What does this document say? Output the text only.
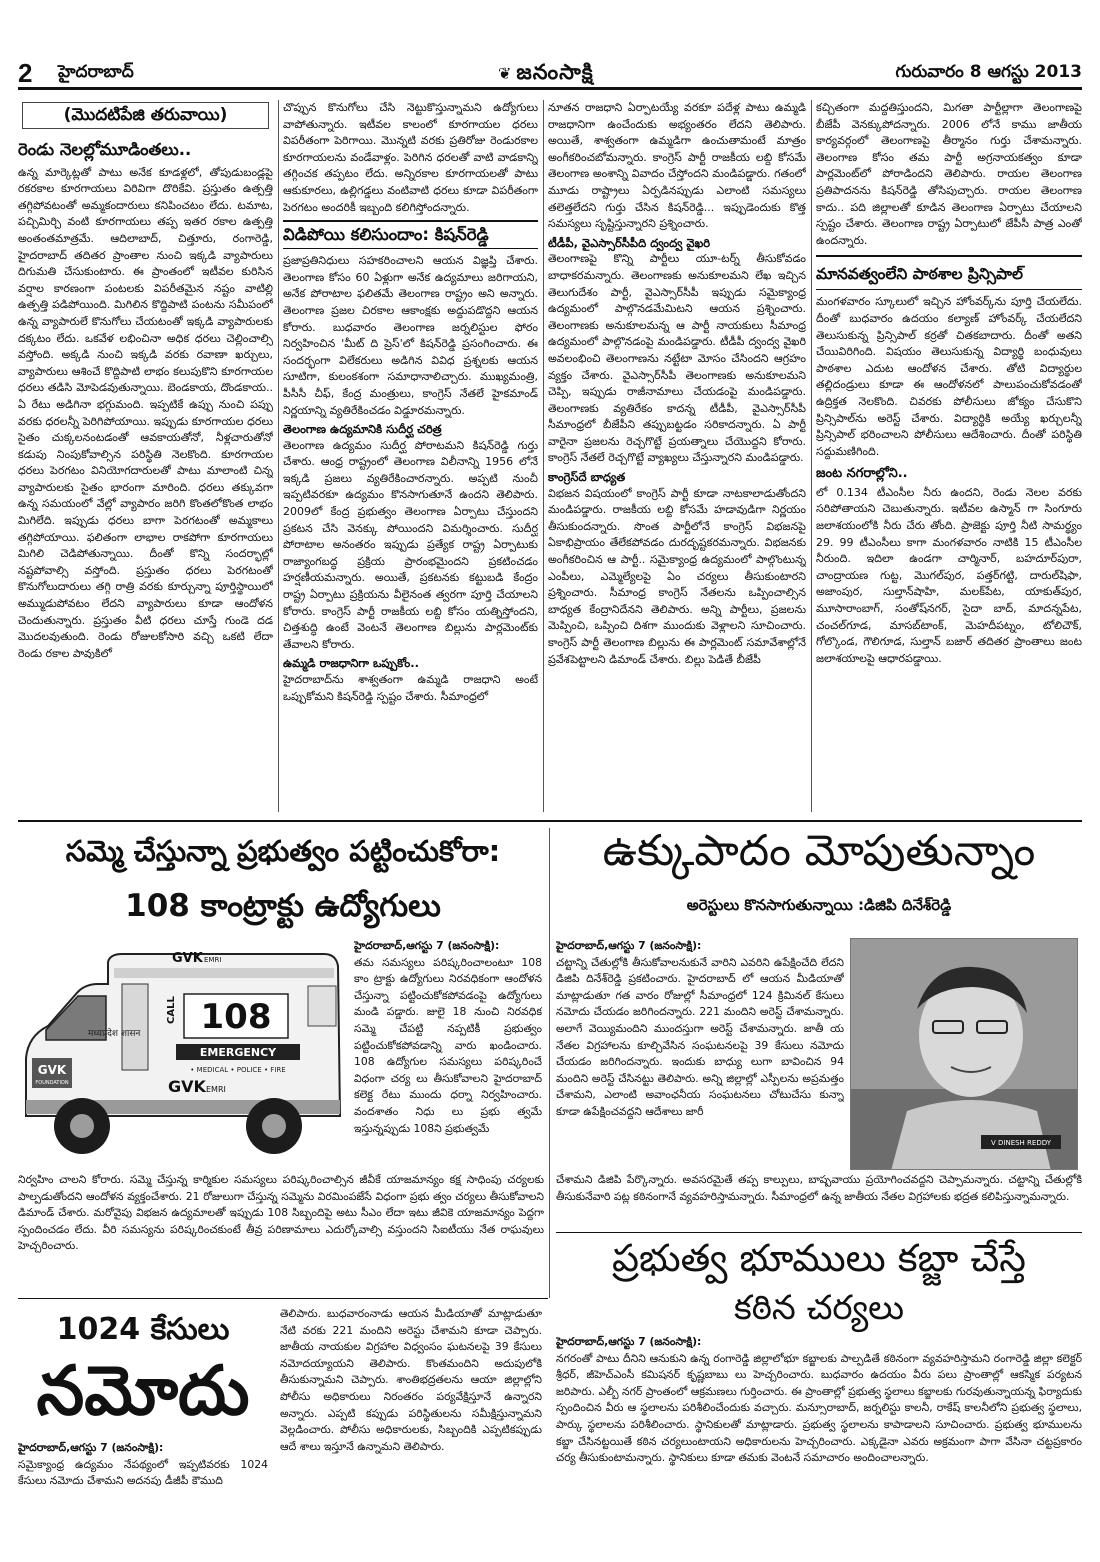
2 హైదరాబాద్	❦ జనంసాక్షి	గురువారం 8 ఆగస్టు 2013
(మొదటిపేజి తరువాయి)
రెండు నెలల్లోమూడింతలు..

ఉన్న మార్కెట్లతో పాటు అనేక కూడళ్లలో, తోపుడుబండ్లపై రకరకాల కూరగాయలు విరివిగా దొరికేవి. ప్రస్తుతం ఉత్పత్తి తగ్గిపోవటంతో అమ్మకందారులు కనిపించటం లేదు. టమాట, పచ్చిమిర్చి వంటి కూరగాయలు తప్ప ఇతర రకాల ఉత్పత్తి అంతంతమాత్రమే. ఆదిలాబాద్, చిత్తూరు, రంగారెడ్డి, హైదరాబాద్ తదితర ప్రాంతాల నుంచి ఇక్కడి వ్యాపారులు దిగుమతి చేసుకుంటారు. ఈ ప్రాంతంలో ఇటీవల కురిసిన వర్షాల కారణంగా పంటలకు విపరీతమైన నష్టం వాటిల్లి ఉత్పత్తి పడిపోయింది. మిగిలిన కొద్దిపాటి పంటను సమీపంలో ఉన్న వ్యాపారులే కొనుగోలు చేయటంతో ఇక్కడి వ్యాపారులకు దక్కటం లేదు. ఒకవేళ లభించినా అధిక ధరలు చెల్లించాల్సి వస్తోంది. అక్కడి నుంచి ఇక్కడి వరకు రవాణా ఖర్చులు, వ్యాపారులు ఆశించే కొద్దిపాటి లాభం కలుపుకొని కూరగాయల ధరలు తడిసి మోపెడవుతున్నాయి. బెండకాయ, దొండకాయ.. ఏ రేటు అడిగినా భగ్గుమంది. ఇప్పటికే ఉప్పు నుంచి పప్పు వరకు ధరలన్నీ పెరిగిపోయాయి. ఇప్పుడు కూరగాయల ధరలు సైతం చుక్కలనంటడంతో ఆవకాయతోనో, నీళ్లచారుతోనో కడుపు నింపుకోవాల్సిన పరిస్థితి నెలకొంది. కూరగాయల ధరలు పెరగటం వినియోగదారులతో పాటు మాలాంటి చిన్న వ్యాపారులకు సైతం భారంగా మారింది. ధరలు తక్కువగా ఉన్న సమయంలో వేల్లో వ్యాపారం జరిగి కొంతలోకొంత లాభం మిగిలేది. ఇప్పుడు ధరలు బాగా పెరగటంతో అమ్మకాలు తగ్గిపోయాయి. ఫలితంగా లాభాల రాకపోగా కూరగాయలు మిగిలి చెడిపోతున్నాయి. దీంతో కొన్ని సందర్భాల్లో నష్టపోవాల్సి వస్తోంది. ప్రస్తుతం ధరలు పెరగటంతో కొనుగోలుదారులు తగ్గి రాత్రి వరకు కూర్చున్నా పూర్తిస్థాయిలో అమ్ముడుపోవటం లేదని వ్యాపారులు కూడా ఆందోళన చెందుతున్నారు. ప్రస్తుతం వీటి ధరలు చూస్తే గుండె దడ మొదలవుతుంది. రెండు రోజులకోసారి వచ్చి ఒకటి లేదా రెండు రకాల పావుకిలో

చొప్పున కొనుగోలు చేసి నెట్టుకొస్తున్నామని ఉద్యోగులు వాపోతున్నారు. ఇటీవల కాలంలో కూరగాయల ధరలు విపరీతంగా పెరిగాయి. మొన్నటి వరకు ప్రతిరోజు రెండురకాల కూరగాయలను వండేవాళ్లం. పెరిగిన ధరలతో వాటి వాడకాన్ని తగ్గించక తప్పటం లేదు. అన్నిరకాల కూరగాయలతో పాటు ఆకుకూరలు, ఉల్లిగడ్డలు వంటివాటి ధరలు కూడా విపరీతంగా పెరగటం అందరికీ ఇబ్బంది కలిగిస్తోందన్నారు.

విడిపోయి కలిసుందాం: కిషన్‌రెడ్డి

ప్రజాప్రతినిధులు సహకరించాలని ఆయన విజ్ఞప్తి చేశారు. తెలంగాణ కోసం 60 ఏళ్లుగా అనేక ఉద్యమాలు జరిగాయని, అనేక పోరాటాల ఫలితమే తెలంగాణ రాష్ట్రం అని అన్నారు. తెలంగాణ ప్రజల చిరకాల ఆకాంక్షకు అద్దుపడొద్దని ఆయన కోరారు. బుధవారం తెలంగాణ జర్నలిస్టుల ఫోరం నిర్వహించిన 'మీట్ ది ప్రెస్'లో కిషన్‌రెడ్డి ప్రసంగించారు. ఈ సందర్భంగా విలేకరులు అడిగిన వివిధ ప్రశ్నలకు ఆయన సూటిగా, కులంకశంగా సమాధానాలిచ్చారు. ముఖ్యమంత్రి, పీసీసీ చీఫ్, కేంద్ర మంత్రులు, కాంగ్రెస్ నేతలే హైకమాండ్ నిర్ణయాన్ని వ్యతిరేకించడం విడ్డూరమన్నారు.

తెలంగాణ ఉద్యమానికి సుదీర్ఘ చరిత్ర

తెలంగాణ ఉద్యమం సుదీర్ఘ పోరాటమని కిషన్‌రెడ్డి గుర్తు చేశారు. ఆంధ్ర రాష్ట్రంలో తెలంగాణ విలీనాన్ని 1956 లోనే ఇక్కడి ప్రజలు వ్యతిరేకించారన్నారు. అప్పటి నుంచీ ఇప్పటివరకూ ఉద్యమం కొనసాగుతూనే ఉందని తెలిపారు. 2009లో కేంద్ర ప్రభుత్వం తెలంగాణ ఏర్పాటు చేస్తుందని ప్రకటన చేసి వెనక్కు పోయిందని విమర్శించారు. సుదీర్ఘ పోరాటాల అనంతరం ఇప్పుడు ప్రత్యేక రాష్ట్ర ఏర్పాటుకు రాజ్యాంగబద్ధ ప్రక్రియ ప్రారంభమైందని ప్రకటించడం హర్షణీయమన్నారు. అయితే, ప్రకటనకు కట్టుబడి కేంద్రం రాష్ట్ర ఏర్పాటు ప్రక్రియను వీలైనంత త్వరగా పూర్తి చేయాలని కోరారు. కాంగ్రెస్ పార్టీ రాజకీయ లబ్ది కోసం యత్నిస్తోందని, చిత్తశుద్ధి ఉంటే వెంటనే తెలంగాణ బిల్లును పార్లమెంట్‌కు తేవాలని కోరారు.

ఉమ్మడి రాజధానిగా ఒప్పుకోం..

హైదరాబాద్‌ను శాశ్వతంగా ఉమ్మడి రాజధాని అంటే ఒప్పుకోమని కిషన్‌రెడ్డి స్పష్టం చేశారు. సీమాంధ్రలో

నూతన రాజధాని ఏర్పాటయ్యే వరకూ పదేళ్ల పాటు ఉమ్మడి రాజధానిగా ఉంచేందుకు అభ్యంతరం లేదని తెలిపారు. అయితే, శాశ్వతంగా ఉమ్మడిగా ఉంచుతామంటే మాత్రం అంగీకరించబోమన్నారు. కాంగ్రెస్ పార్టీ రాజకీయ లబ్ది కోసమే తెలంగాణ అంశాన్ని వివాదం చేస్తోందని మండిపడ్డారు. గతంలో మూడు రాష్ట్రాలు ఏర్పడినప్పుడు ఎలాంటి సమస్యలు తలెత్తలేదని గుర్తు చేసిన కిషన్‌రెడ్డి... ఇప్పుడెందుకు కొత్త సమస్యలు సృష్టిస్తున్నారని ప్రశ్నించారు.

టీడీపీ, వైఎస్సార్‌సీపీది ద్వంద్వ వైఖరి

తెలంగాణపై కొన్ని పార్టీలు యూ-టర్న్ తీసుకోవడం బాధాకరమన్నారు. తెలంగాణకు అనుకూలమని లేఖ ఇచ్చిన తెలుగుదేశం పార్టీ, వైఎస్సార్‌సీపీ ఇప్పుడు సమైక్యాంధ్ర ఉద్యమంలో పాల్గొనడమేమిటని ఆయన ప్రశ్నించారు. తెలంగాణకు అనుకూలమన్న ఆ పార్టీ నాయకులు సీమాంధ్ర ఉద్యమంలో పాల్గొనడంపై మండిపడ్డారు. టీడీపీ ద్వంద్వ వైఖరి అవలంభించి తెలంగాణను నట్టేటా మోసం చేసిందని ఆగ్రహం వ్యక్తం చేశారు. వైఎస్సార్‌సీపీ తెలంగాణకు అనుకూలమని చెప్పి, ఇప్పుడు రాజీనామాలు చేయడంపై మండిపడ్డారు. తెలంగాణకు వ్యతిరేకం కాదన్న టీడీపీ, వైఎస్సార్‌సీపీ సీమాంధ్రలో బీజేపీని తప్పుబట్టడం సరికాదన్నారు. ఏ పార్టీ వారైనా ప్రజలను రెచ్చగొట్టే ప్రయత్నాలు చేయొద్దని కోరారు. కాంగ్రెస్ నేతలే రెచ్చగొట్టే వ్యాఖ్యలు చేస్తున్నారని మండిపడ్డారు.

కాంగ్రెస్‌దే బాధ్యత

విభజన విషయంలో కాంగ్రెస్ పార్టీ కూడా నాటకాలాడుతోందని మండిపడ్డారు. రాజకీయ లబ్ది కోసమే హడావుడిగా నిర్ణయం తీసుకుందన్నారు. సొంత పార్టీలోనే కాంగ్రెస్ విభజనపై ఏకాభిప్రాయం తేలేకపోవడం దురదృష్టకరమన్నారు. విభజనకు అంగీకరించిన ఆ పార్టీ.. సమైక్యాంధ్ర ఉద్యమంలో పాల్గొంటున్న ఎంపీలు, ఎమ్మెల్యేలపై ఏం చర్యలు తీసుకుంటారని ప్రశ్నించారు. సీమాంధ్ర కాంగ్రెస్ నేతలను ఒప్పించాల్సిన బాధ్యత కేంద్రానిదేనని తెలిపారు. అన్ని పార్టీలు, ప్రజలను మెప్పించి, ఒప్పించి దిశగా ముందుకు వెళ్లాలని సూచించారు. కాంగ్రెస్ పార్టీ తెలంగాణ బిల్లును ఈ పార్లమెంట్ సమావేశాల్లోనే ప్రవేశపెట్టాలని డిమాండ్ చేశారు. బిల్లు పెడితే బీజేపీ

కచ్చితంగా మద్దతిస్తుందని, మిగతా పార్టీల్లాగా తెలంగాణపై బీజేపీ వెనక్కుపోదన్నారు. 2006 లోనే కాము జాతీయ కార్యవర్గంలో తెలంగాణపై తీర్మానం గుర్తు చేశామన్నారు. తెలంగాణ కోసం తమ పార్టీ అగ్రనాయకత్వం కూడా పార్లమెంట్‌లో పోరాడిందని తెలిపారు. రాయల తెలంగాణ ప్రతిపాదనను కిషన్‌రెడ్డి తోసిపుచ్చారు. రాయల తెలంగాణ కాదు.. పది జిల్లాలతో కూడిన తెలంగాణ ఏర్పాటు చేయాలని స్పష్టం చేశారు. తెలంగాణ రాష్ట్ర ఏర్పాటులో జేపీసీ పాత్ర ఎంతో ఉందన్నారు.

మానవత్వంలేని పాఠశాల ప్రిన్సిపాల్

మంగళవారం స్కూలులో ఇచ్చిన హోంవర్క్‌ను పూర్తి చేయలేదు. దీంతో బుధవారం ఉదయం కల్యాణ్ హోంవర్క్ చేయలేదని తెలుసుకున్న ప్రిన్సిపాల్ కర్రతో చితకబాదారు. దీంతో అతని చేయివిరిగింది. విషయం తెలుసుకున్న విద్యార్థి బంధువులు పాఠశాల ఎదుట ఆందోళన చేశారు. తోటి విద్యార్థుల తల్లిదండ్రులు కూడా ఈ ఆందోళనలో పాలుపంచుకోవడంతో ఉద్రిక్తత నెలకొంది. చివరకు పోలీసులు జోక్యం చేసుకొని ప్రిన్సిపాల్‌ను అరెస్ట్ చేశారు. విద్యార్థికి అయ్యే ఖర్చులన్నీ ప్రిన్సిపాల్ భరించాలని పోలీసులు ఆదేశించారు. దీంతో పరిస్థితి సద్దుమణిగింది.

జంట నగరాల్లోని..

లో 0.134 టీఎంసీల నీరు ఉందని, రెండు నెలల వరకు సరిపోతాయని చెబుతున్నారు. ఇటీవల ఉస్మాన్ గా సింగూరు జలాశయంలోకి నీరు చేరు తోంది. ప్రాజెక్టు పూర్తి నీటి సామర్థ్యం 29. 99 టీఎంసీలు కాగా మంగళవారం నాటికి 15 టీఎంసీల నీరుంది. ఇదిలా ఉండగా చార్మినార్, బహదూర్‌పురా, చాంద్రాయణ గుట్ట, మొగల్‌పుర, పత్తర్‌గట్టి, దారుల్‌షిఫా, అజాంపుర, సుల్తాన్‌షాహి, మలక్‌పేట, యాకుత్‌పుర, మూసారాంబాగ్, సంతోష్‌నగర్, సైదా బాద్, మాదన్నపేట, చంచల్‌గూడ, మాసబ్‌టాంక్, మెహదీపట్నం, టోలిచౌక్, గోల్కొండ, గౌలిగూడ, సుల్తాన్ బజార్ తదితర ప్రాంతాలు జంట జలాశయాలపై ఆధారపడ్డాయి.

సమ్మె చేస్తున్నా ప్రభుత్వం పట్టించుకోరా:
108 కాంట్రాక్టు ఉద్యోగులు
108
CALL
EMERGENCY
• MEDICAL • POLICE • FIRE
GVK EMRI
मध्यप्रदेश शासन
GVK
FOUNDATION	GVK EMRI
హైదరాబాద్,ఆగస్టు 7 (జనంసాక్షి):

తమ సమస్యలు పరిష్కరించాలంటూ 108 కాం ట్రాక్టు ఉద్యోగులు నిరవధికంగా ఆందోళన చేస్తున్నా పట్టించుకోకపోవడంపై ఉద్యోగులు మండి పడ్డారు. జులై 18 నుంచి నిరవధిక సమ్మె చేపట్టి నప్పటికీ ప్రభుత్వం పట్టించుకోకపోవడాన్ని వారు ఖండించారు. 108 ఉద్యోగుల సమస్యలు పరిష్కరించే విధంగా చర్య లు తీసుకోవాలని హైదరాబాద్ కలెక్ట రేటు ముందు ధర్నా నిర్వహించారు. వందశాతం నిధు లు ప్రభు త్వమే ఇస్తున్నప్పుడు 108ని ప్రభుత్వమే

నిర్వహిం చాలని కోరారు. సమ్మె చేస్తున్న కార్మికుల సమస్యలు పరిష్కరించాల్సిన జీవీకే యాజమాన్యం కక్ష సాధింపు చర్యలకు పాల్పడుతోందని ఆందోళన వ్యక్తంచేశారు. 21 రోజులుగా చేస్తున్న సమ్మెను విరమింపజేసే విధంగా ప్రభు త్వం చర్యలు తీసుకోవాలని డిమాండ్ చేశారు. మరోవైపు విభజన ఉద్యమాలతో ఇప్పుడు 108 సిబ్బందిపై అటు సీఎం లేదా ఇటు జీవికె యాజమాన్యం పెద్దగా స్పందించడం లేదు. వీరి సమస్యను పరిష్కరించకుంటే తీవ్ర పరిణామాలు ఎదుర్కోవాల్సి వస్తుందని సిఐటీయు నేత రాఘవులు హెచ్చరించారు.

ఉక్కుపాదం మోపుతున్నాం
అరెస్టులు కొనసాగుతున్నాయి :డిజిపి దినేశ్‌రెడ్డి
హైదరాబాద్,ఆగస్టు 7 (జనంసాక్షి):

చట్టాన్ని చేతుల్లోకి తీసుకోవాలనుకునే వారిని ఎవరిని ఉపేక్షించేది లేదని డిజిపి దినేశ్‌రెడ్డి ప్రకటించారు. హైదరాబాద్ లో ఆయన మీడియాతో మాట్లాడుతూ గత వారం రోజుల్లో సీమాంధ్రలో 124 క్రిమినల్ కేసులు నమోదు చేయడం జరిగిందన్నారు. 221 మందిని అరెస్ట్ చేశామన్నారు. అలాగే వెయ్యిమందిని ముందస్తుగా అరెస్ట్ చేశామన్నారు. జాతీ య నేతల విగ్రహాలను కూల్చివేసిన సంఘటనలపై 39 కేసులు నమోదు చేయడం జరిగిందన్నారు. ఇందుకు బాధ్యు లుగా బావించిన 94 మందిని అరెస్ట్ చేసినట్టు తెలిపారు. అన్ని జిల్లాల్లో ఎస్పీలను అప్రమత్తం చేశామని, ఎలాంటి అవాంఛనీయ సంఘటనలు చోటుచేసు కున్నా కూడా ఉపేక్షించవద్దని ఆదేశాలు జారీ

V DINESH REDDY

చేశామని డిజిపి పేర్కొన్నారు. అవసరమైతే తప్ప కాల్పులు, బాష్పవాయు ప్రయోగించవద్దని చెప్పామన్నారు. చట్టాన్ని చేతుల్లోకి తీసుకునేవారి పట్ల కఠినంగానే వ్యవహరిస్తామన్నారు. సీమాంధ్రలో ఉన్న జాతీయ నేతల విగ్రహాలకు భద్రత కలిపిస్తున్నామన్నారు.

ప్రభుత్వ భూములు కబ్జా చేస్తే
కఠిన చర్యలు
హైదరాబాద్,ఆగస్టు 7 (జనంసాక్షి):

నగరంతో పాటు దీనిని ఆనుకుని ఉన్న రంగారెడ్డి జిల్లాలోభూ కబ్జాలకు పాల్పడితే కఠినంగా వ్యవహరిస్తామని రంగారెడ్డి జిల్లా కలెక్టర్ శ్రీధర్, జీహెచ్‌ఎంసీ కమిషనర్ కృష్ణబాబు లు హెచ్చరించారు. బుధవారం ఉదయం వీరు పలు ప్రాంతాల్లో ఆకస్మిక పర్యటన జరిపారు. ఎల్బీ నగర్ ప్రాంతంలో ఆక్రమణలు గుర్తించారు. ఈ ప్రాంతాల్లో ప్రభుత్వ స్థలాలు కబ్జాలకు గురవుతున్నాయన్న ఫిర్యాదుకు స్పందించిన వీరు ఆ స్థలాలను పరిశీలించేందుకు వచ్చారు. మన్సూరాబాద్, జర్నలిస్టు కాలనీ, రాకేష్ కాలనీలోని ప్రభుత్వ స్థలాలు, పార్కు స్థలాలను పరిశీలించారు. స్థానికులతో మాట్లాడారు. ప్రభుత్వ స్థలాలను కాపాడాలని సూచించారు. ప్రభుత్వ భూములను కబ్జా చేసినట్టయితే కఠిన చర్యలుంటాయని అధికారులను హెచ్చరించారు. ఎక్కడైనా ఎవరు అక్రమంగా పాగా వేసినా చట్టప్రకారం చర్య తీసుకుంటామన్నారు. స్థానికులు కూడా తమకు వెంటనే సమాచారం అందించాలన్నారు.

1024 కేసులు
నమోదు
హైదరాబాద్,ఆగస్టు 7 (జనంసాక్షి):

సమైక్యాంధ్ర ఉద్యమం నేపథ్యంలో ఇప్పటివరకు 1024 కేసులు నమోదు చేశామని అదనపు డీజీపీ కౌముది

తెలిపారు. బుధవారంనాడు ఆయన మీడియాతో మాట్లాడుతూ నేటి వరకు 221 మందిని అరెస్టు చేశామని కూడా చెప్పారు. జాతీయ నాయకుల విగ్రహాల విధ్వంసం ఘటనలపై 39 కేసులు నమోదయ్యాయని తెలిపారు. కొంతమందిని అదుపులోకి తీసుకున్నామని చెప్పారు. శాంతిభద్రతలను ఆయా జిల్లాల్లోని పోలీసు అధికారులు నిరంతరం పర్యవేక్షిస్తూనే ఉన్నారని అన్నారు. ఎప్పటి కప్పుడు పరిస్థితులను సమీక్షిస్తున్నామని వెల్లడించారు. పోలీసు అధికారులకు, సిబ్బందికి ఎప్పటికప్పుడు ఆదే శాలు ఇస్తూనే ఉన్నామని తెలిపారు.
